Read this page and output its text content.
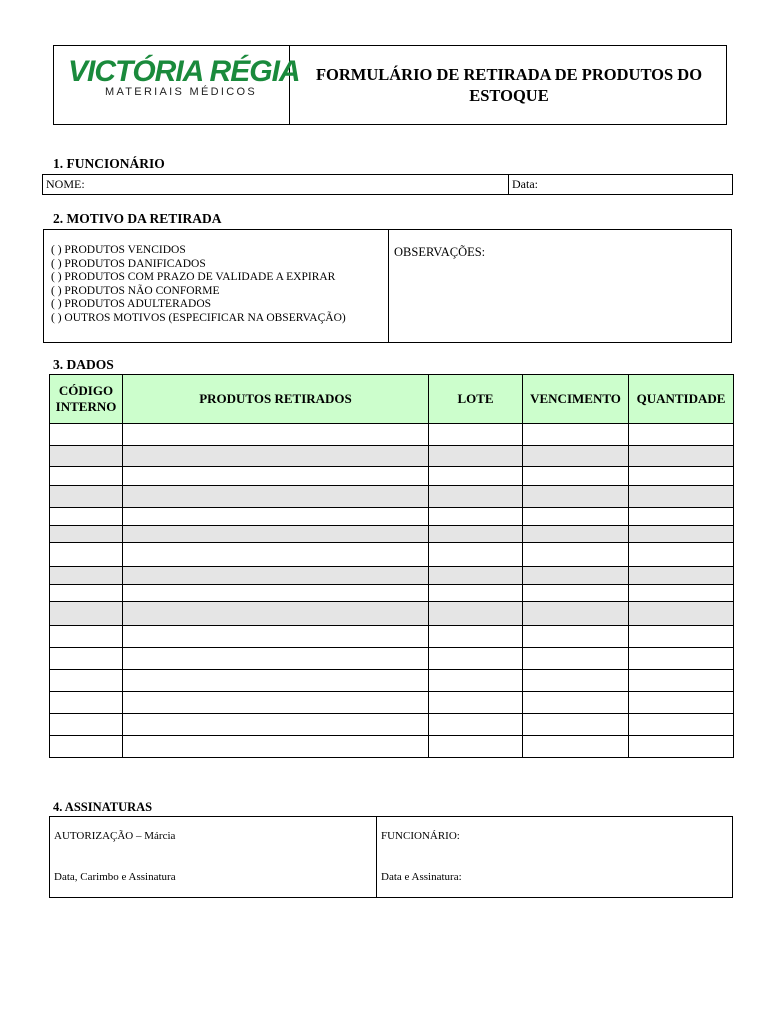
VICTÓRIA RÉGIA
MATERIAIS MÉDICOS
FORMULÁRIO DE RETIRADA DE PRODUTOS DO ESTOQUE
1. FUNCIONÁRIO
NOME:	Data:
2. MOTIVO DA RETIRADA
( ) PRODUTOS VENCIDOS
( ) PRODUTOS DANIFICADOS
( ) PRODUTOS COM PRAZO DE VALIDADE A EXPIRAR
( ) PRODUTOS NÃO CONFORME
( ) PRODUTOS ADULTERADOS
( ) OUTROS MOTIVOS (ESPECIFICAR NA OBSERVAÇÃO)
OBSERVAÇÕES:
3. DADOS
CÓDIGO INTERNO	PRODUTOS RETIRADOS	LOTE	VENCIMENTO	QUANTIDADE

4. ASSINATURAS
AUTORIZAÇÃO – Márcia
Data, Carimbo e Assinatura
FUNCIONÁRIO:
Data e Assinatura:
